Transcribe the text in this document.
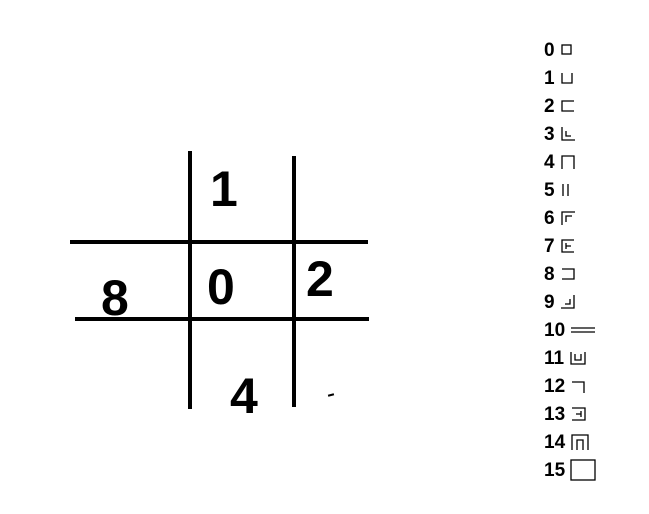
1
0 2
8
4
0
1
2
3
4
5
6
7
8
9
10
11
12
13
14
15
